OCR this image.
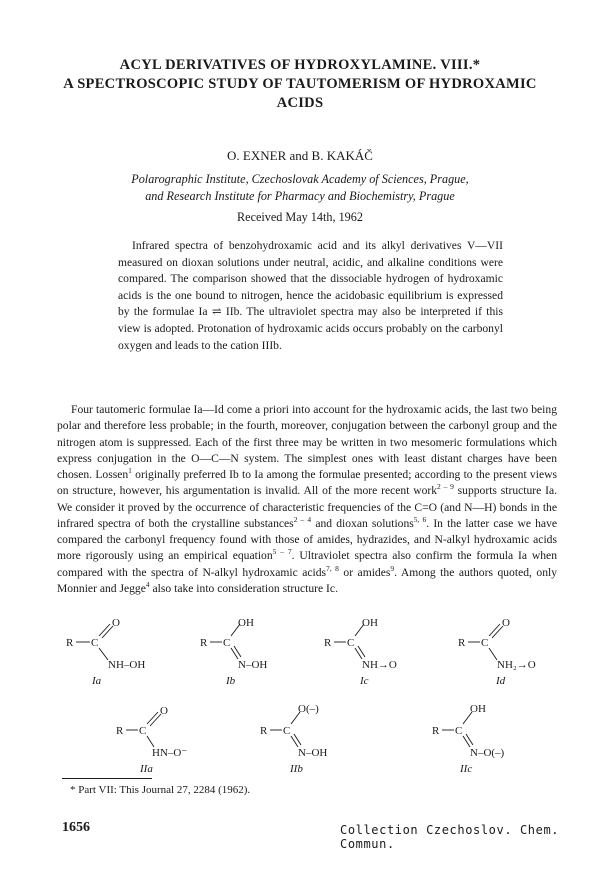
ACYL DERIVATIVES OF HYDROXYLAMINE. VIII.*
A SPECTROSCOPIC STUDY OF TAUTOMERISM OF HYDROXAMIC
ACIDS
O. EXNER and B. KAKÁČ
Polarographic Institute, Czechoslovak Academy of Sciences, Prague,
and Research Institute for Pharmacy and Biochemistry, Prague
Received May 14th, 1962

Infrared spectra of benzohydroxamic acid and its alkyl derivatives V—VII measured on dioxan solutions under neutral, acidic, and alkaline conditions were compared. The comparison showed that the dissociable hydrogen of hydroxamic acids is the one bound to nitrogen, hence the acidobasic equilibrium is expressed by the formulae Ia ⇌ IIb. The ultraviolet spectra may also be interpreted if this view is adopted. Protonation of hydroxamic acids occurs probably on the carbonyl oxygen and leads to the cation IIIb.

Four tautomeric formulae Ia—Id come a priori into account for the hydroxamic acids, the last two being polar and therefore less probable; in the fourth, moreover, conjugation between the carbonyl group and the nitrogen atom is suppressed. Each of the first three may be written in two mesomeric formulations which express conjugation in the O—C—N system. The simplest ones with least distant charges have been chosen. Lossen$^1$ originally preferred Ib to Ia among the formulae presented; according to the present views on structure, however, his argumentation is invalid. All of the more recent work$^{2 - 9}$ supports structure Ia. We consider it proved by the occurrence of characteristic frequencies of the C=O (and N—H) bonds in the infrared spectra of both the crystalline substances$^{2 - 4}$ and dioxan solutions$^{5, 6}$. In the latter case we have compared the carbonyl frequency found with those of amides, hydrazides, and N-alkyl hydroxamic acids more rigorously using an empirical equation$^{5 - 7}$. Ultraviolet spectra also confirm the formula Ia when compared with the spectra of N-alkyl hydroxamic acids$^{7, 8}$ or amides$^9$. Among the authors quoted, only Monnier and Jegge$^4$ also take into consideration structure Ic.

R C
O
NH–OH
Ia
R C
OH
N–OH
Ib
R C
OH
NH→O
Ic
R C
O
NH₂→O
Id
R C
O
HN–O⁻
IIa
R C
O(–)
N–OH
IIb
R C
OH
N–O(–)
IIc
* Part VII: This Journal 27, 2284 (1962).
1656	Collection Czechoslov. Chem. Commun.
